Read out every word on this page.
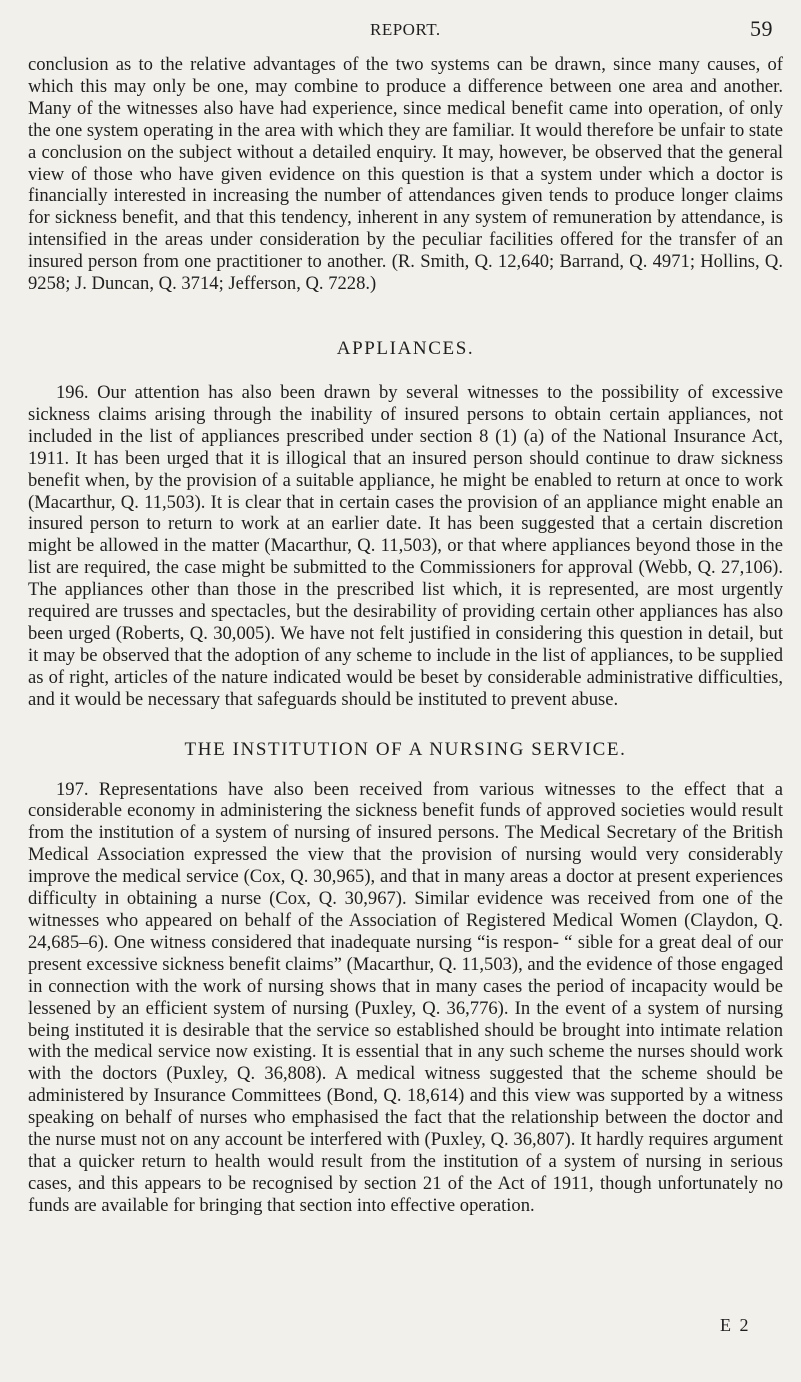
REPORT.	59

conclusion as to the relative advantages of the two systems can be drawn, since many causes, of which this may only be one, may combine to produce a difference between one area and another. Many of the witnesses also have had experience, since medical benefit came into operation, of only the one system operating in the area with which they are familiar. It would therefore be unfair to state a conclusion on the subject without a detailed enquiry. It may, however, be observed that the general view of those who have given evidence on this question is that a system under which a doctor is financially interested in increasing the number of attendances given tends to produce longer claims for sickness benefit, and that this tendency, inherent in any system of remuneration by attendance, is intensified in the areas under consideration by the peculiar facilities offered for the transfer of an insured person from one practitioner to another. (R. Smith, Q. 12,640; Barrand, Q. 4971; Hollins, Q. 9258; J. Duncan, Q. 3714; Jefferson, Q. 7228.)

APPLIANCES.

196. Our attention has also been drawn by several witnesses to the possibility of excessive sickness claims arising through the inability of insured persons to obtain certain appliances, not included in the list of appliances prescribed under section 8 (1) (a) of the National Insurance Act, 1911. It has been urged that it is illogical that an insured person should continue to draw sickness benefit when, by the provision of a suitable appliance, he might be enabled to return at once to work (Macarthur, Q. 11,503). It is clear that in certain cases the provision of an appliance might enable an insured person to return to work at an earlier date. It has been suggested that a certain discretion might be allowed in the matter (Macarthur, Q. 11,503), or that where appliances beyond those in the list are required, the case might be submitted to the Commissioners for approval (Webb, Q. 27,106). The appliances other than those in the prescribed list which, it is represented, are most urgently required are trusses and spectacles, but the desirability of providing certain other appliances has also been urged (Roberts, Q. 30,005). We have not felt justified in considering this question in detail, but it may be observed that the adoption of any scheme to include in the list of appliances, to be supplied as of right, articles of the nature indicated would be beset by considerable administrative difficulties, and it would be necessary that safeguards should be instituted to prevent abuse.

THE INSTITUTION OF A NURSING SERVICE.

197. Representations have also been received from various witnesses to the effect that a considerable economy in administering the sickness benefit funds of approved societies would result from the institution of a system of nursing of insured persons. The Medical Secretary of the British Medical Association expressed the view that the provision of nursing would very considerably improve the medical service (Cox, Q. 30,965), and that in many areas a doctor at present experiences difficulty in obtaining a nurse (Cox, Q. 30,967). Similar evidence was received from one of the witnesses who appeared on behalf of the Association of Registered Medical Women (Claydon, Q. 24,685–6). One witness considered that inadequate nursing “is respon- “ sible for a great deal of our present excessive sickness benefit claims” (Macarthur, Q. 11,503), and the evidence of those engaged in connection with the work of nursing shows that in many cases the period of incapacity would be lessened by an efficient system of nursing (Puxley, Q. 36,776). In the event of a system of nursing being instituted it is desirable that the service so established should be brought into intimate relation with the medical service now existing. It is essential that in any such scheme the nurses should work with the doctors (Puxley, Q. 36,808). A medical witness suggested that the scheme should be administered by Insurance Committees (Bond, Q. 18,614) and this view was supported by a witness speaking on behalf of nurses who emphasised the fact that the relationship between the doctor and the nurse must not on any account be interfered with (Puxley, Q. 36,807). It hardly requires argument that a quicker return to health would result from the institution of a system of nursing in serious cases, and this appears to be recognised by section 21 of the Act of 1911, though unfortunately no funds are available for bringing that section into effective operation.

E 2
